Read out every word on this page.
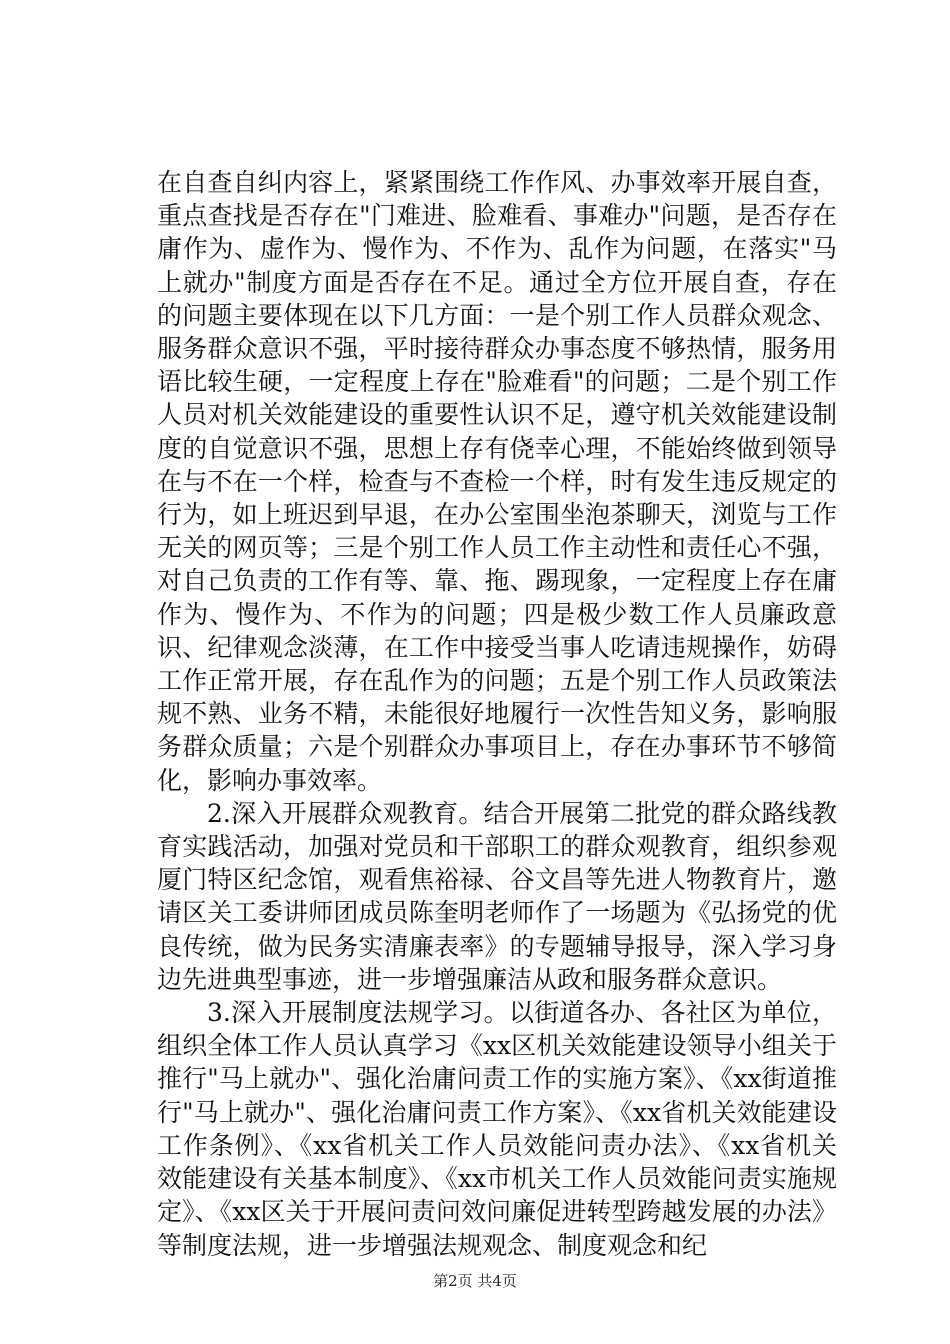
在自查自纠内容上，紧紧围绕工作作风、办事效率开展自查，重点查找是否存在"门难进、脸难看、事难办"问题，是否存在庸作为、虚作为、慢作为、不作为、乱作为问题，在落实"马上就办"制度方面是否存在不足。通过全方位开展自查，存在的问题主要体现在以下几方面：一是个别工作人员群众观念、服务群众意识不强，平时接待群众办事态度不够热情，服务用语比较生硬，一定程度上存在"脸难看"的问题；二是个别工作人员对机关效能建设的重要性认识不足，遵守机关效能建设制度的自觉意识不强，思想上存有侥幸心理，不能始终做到领导在与不在一个样，检查与不查检一个样，时有发生违反规定的行为，如上班迟到早退，在办公室围坐泡茶聊天，浏览与工作无关的网页等；三是个别工作人员工作主动性和责任心不强，对自己负责的工作有等、靠、拖、踢现象，一定程度上存在庸作为、慢作为、不作为的问题；四是极少数工作人员廉政意识、纪律观念淡薄，在工作中接受当事人吃请违规操作，妨碍工作正常开展，存在乱作为的问题；五是个别工作人员政策法规不熟、业务不精，未能很好地履行一次性告知义务，影响服务群众质量；六是个别群众办事项目上，存在办事环节不够简化，影响办事效率。

2.深入开展群众观教育。结合开展第二批党的群众路线教育实践活动，加强对党员和干部职工的群众观教育，组织参观厦门特区纪念馆，观看焦裕禄、谷文昌等先进人物教育片，邀请区关工委讲师团成员陈奎明老师作了一场题为《弘扬党的优良传统，做为民务实清廉表率》的专题辅导报导，深入学习身边先进典型事迹，进一步增强廉洁从政和服务群众意识。

3.深入开展制度法规学习。以街道各办、各社区为单位，组织全体工作人员认真学习《xx区机关效能建设领导小组关于推行"马上就办"、强化治庸问责工作的实施方案》、《xx街道推行"马上就办"、强化治庸问责工作方案》、《xx省机关效能建设工作条例》、《xx省机关工作人员效能问责办法》、《xx省机关效能建设有关基本制度》、《xx市机关工作人员效能问责实施规定》、《xx区关于开展问责问效问廉促进转型跨越发展的办法》等制度法规，进一步增强法规观念、制度观念和纪

第2页 共4页
